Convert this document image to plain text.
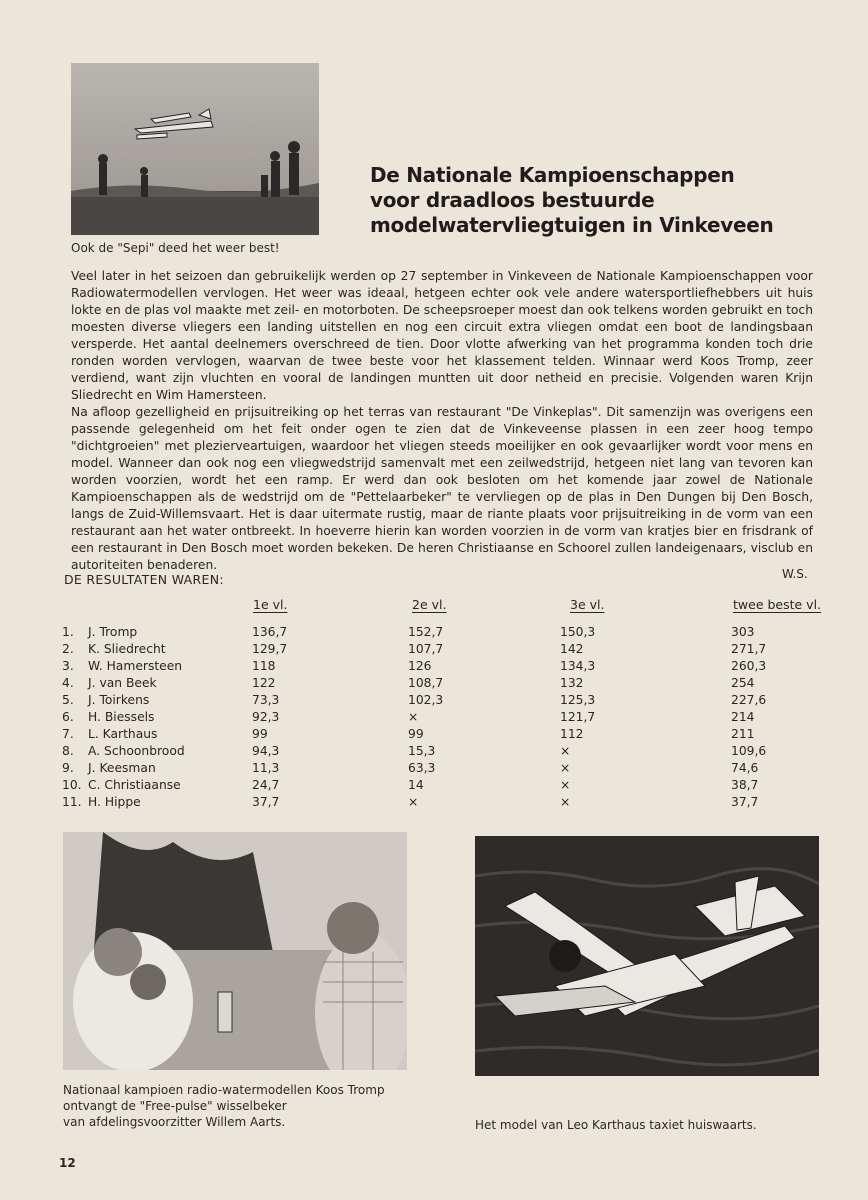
Ook de "Sepi" deed het weer best!
De Nationale Kampioenschappen
voor draadloos bestuurde
modelwatervliegtuigen in Vinkeveen

Veel later in het seizoen dan gebruikelijk werden op 27 september in Vinkeveen de Nationale Kampioenschappen voor Radiowatermodellen vervlogen. Het weer was ideaal, hetgeen echter ook vele andere watersportliefhebbers uit huis lokte en de plas vol maakte met zeil- en motorboten. De scheepsroeper moest dan ook telkens worden gebruikt en toch moesten diverse vliegers een landing uitstellen en nog een circuit extra vliegen omdat een boot de landingsbaan versperde. Het aantal deelnemers overschreed de tien. Door vlotte afwerking van het programma konden toch drie ronden worden vervlogen, waarvan de twee beste voor het klassement telden. Winnaar werd Koos Tromp, zeer verdiend, want zijn vluchten en vooral de landingen muntten uit door netheid en precisie. Volgenden waren Krijn Sliedrecht en Wim Hamersteen.

Na afloop gezelligheid en prijsuitreiking op het terras van restaurant "De Vinkeplas". Dit samenzijn was overigens een passende gelegenheid om het feit onder ogen te zien dat de Vinkeveense plassen in een zeer hoog tempo "dichtgroeien" met plezierveartuigen, waardoor het vliegen steeds moeilijker en ook gevaarlijker wordt voor mens en model. Wanneer dan ook nog een vliegwedstrijd samenvalt met een zeilwedstrijd, hetgeen niet lang van tevoren kan worden voorzien, wordt het een ramp. Er werd dan ook besloten om het komende jaar zowel de Nationale Kampioenschappen als de wedstrijd om de "Pettelaarbeker" te vervliegen op de plas in Den Dungen bij Den Bosch, langs de Zuid-Willemsvaart. Het is daar uitermate rustig, maar de riante plaats voor prijsuitreiking in de vorm van een restaurant aan het water ontbreekt. In hoeverre hierin kan worden voorzien in de vorm van kratjes bier en frisdrank of een restaurant in Den Bosch moet worden bekeken. De heren Christiaanse en Schoorel zullen landeigenaars, visclub en autoriteiten benaderen.

W.S.
DE RESULTATEN WAREN:
1e vl.	2e vl.	3e vl.	twee beste vl.
1.	J. Tromp	136,7	152,7	150,3	303
2.	K. Sliedrecht	129,7	107,7	142	271,7
3.	W. Hamersteen	118	126	134,3	260,3
4.	J. van Beek	122	108,7	132	254
5.	J. Toirkens	73,3	102,3	125,3	227,6
6.	H. Biessels	92,3	×	121,7	214
7.	L. Karthaus	99	99	112	211
8.	A. Schoonbrood	94,3	15,3	×	109,6
9.	J. Keesman	11,3	63,3	×	74,6
10.	C. Christiaanse	24,7	14	×	38,7
11.	H. Hippe	37,7	×	×	37,7
Nationaal kampioen radio-watermodellen Koos Tromp
ontvangt de "Free-pulse" wisselbeker
van afdelingsvoorzitter Willem Aarts.	Het model van Leo Karthaus taxiet huiswaarts.
12
